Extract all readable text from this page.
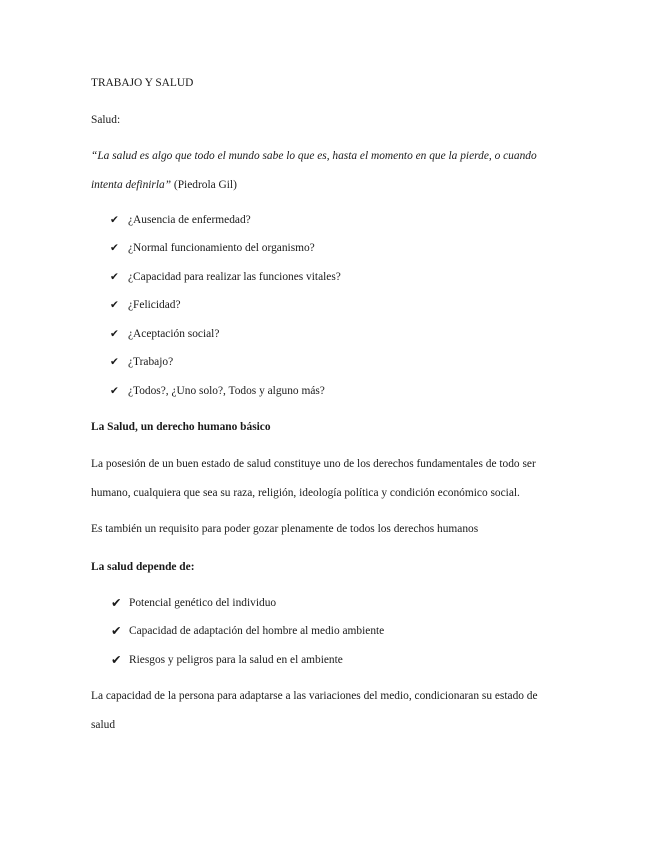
TRABAJO Y SALUD
Salud:
“La salud es algo que todo el mundo sabe lo que es, hasta el momento en que la pierde, o cuando
intenta definirla” (Piedrola Gil)
✔ ¿Ausencia de enfermedad?
✔ ¿Normal funcionamiento del organismo?
✔ ¿Capacidad para realizar las funciones vitales?
✔ ¿Felicidad?
✔ ¿Aceptación social?
✔ ¿Trabajo?
✔ ¿Todos?, ¿Uno solo?, Todos y alguno más?
La Salud, un derecho humano básico
La posesión de un buen estado de salud constituye uno de los derechos fundamentales de todo ser
humano, cualquiera que sea su raza, religión, ideología política y condición económico social.
Es también un requisito para poder gozar plenamente de todos los derechos humanos
La salud depende de:
✔ Potencial genético del individuo
✔ Capacidad de adaptación del hombre al medio ambiente
✔ Riesgos y peligros para la salud en el ambiente
La capacidad de la persona para adaptarse a las variaciones del medio, condicionaran su estado de
salud
